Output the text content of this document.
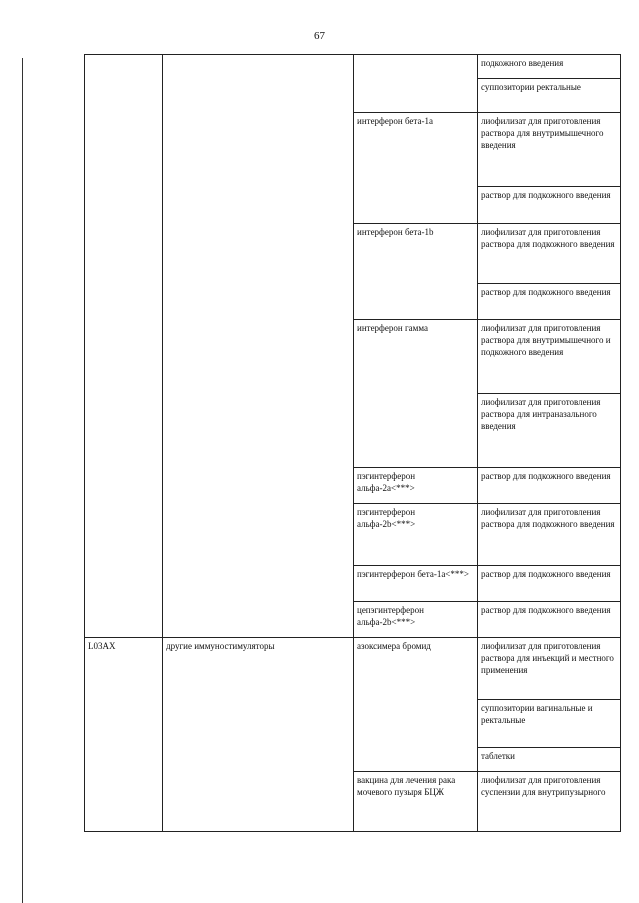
67
			подкожного введения
			суппозитории ректальные
		интерферон бета-1a	лиофилизат для приготовления раствора для внутримышечного введения
			раствор для подкожного введения
		интерферон бета-1b	лиофилизат для приготовления раствора для подкожного введения
			раствор для подкожного введения
		интерферон гамма	лиофилизат для приготовления раствора для внутримышечного и подкожного введения
			лиофилизат для приготовления раствора для интраназального введения
		пэгинтерферон альфа-2a<***>	раствор для подкожного введения
		пэгинтерферон альфа-2b<***>	лиофилизат для приготовления раствора для подкожного введения
		пэгинтерферон бета-1a<***>	раствор для подкожного введения
		цепэгинтерферон альфа-2b<***>	раствор для подкожного введения
L03AX	другие иммуностимуляторы	азоксимера бромид	лиофилизат для приготовления раствора для инъекций и местного применения
			суппозитории вагинальные и ректальные
			таблетки
		вакцина для лечения рака мочевого пузыря БЦЖ	лиофилизат для приготовления суспензии для внутрипузырного
